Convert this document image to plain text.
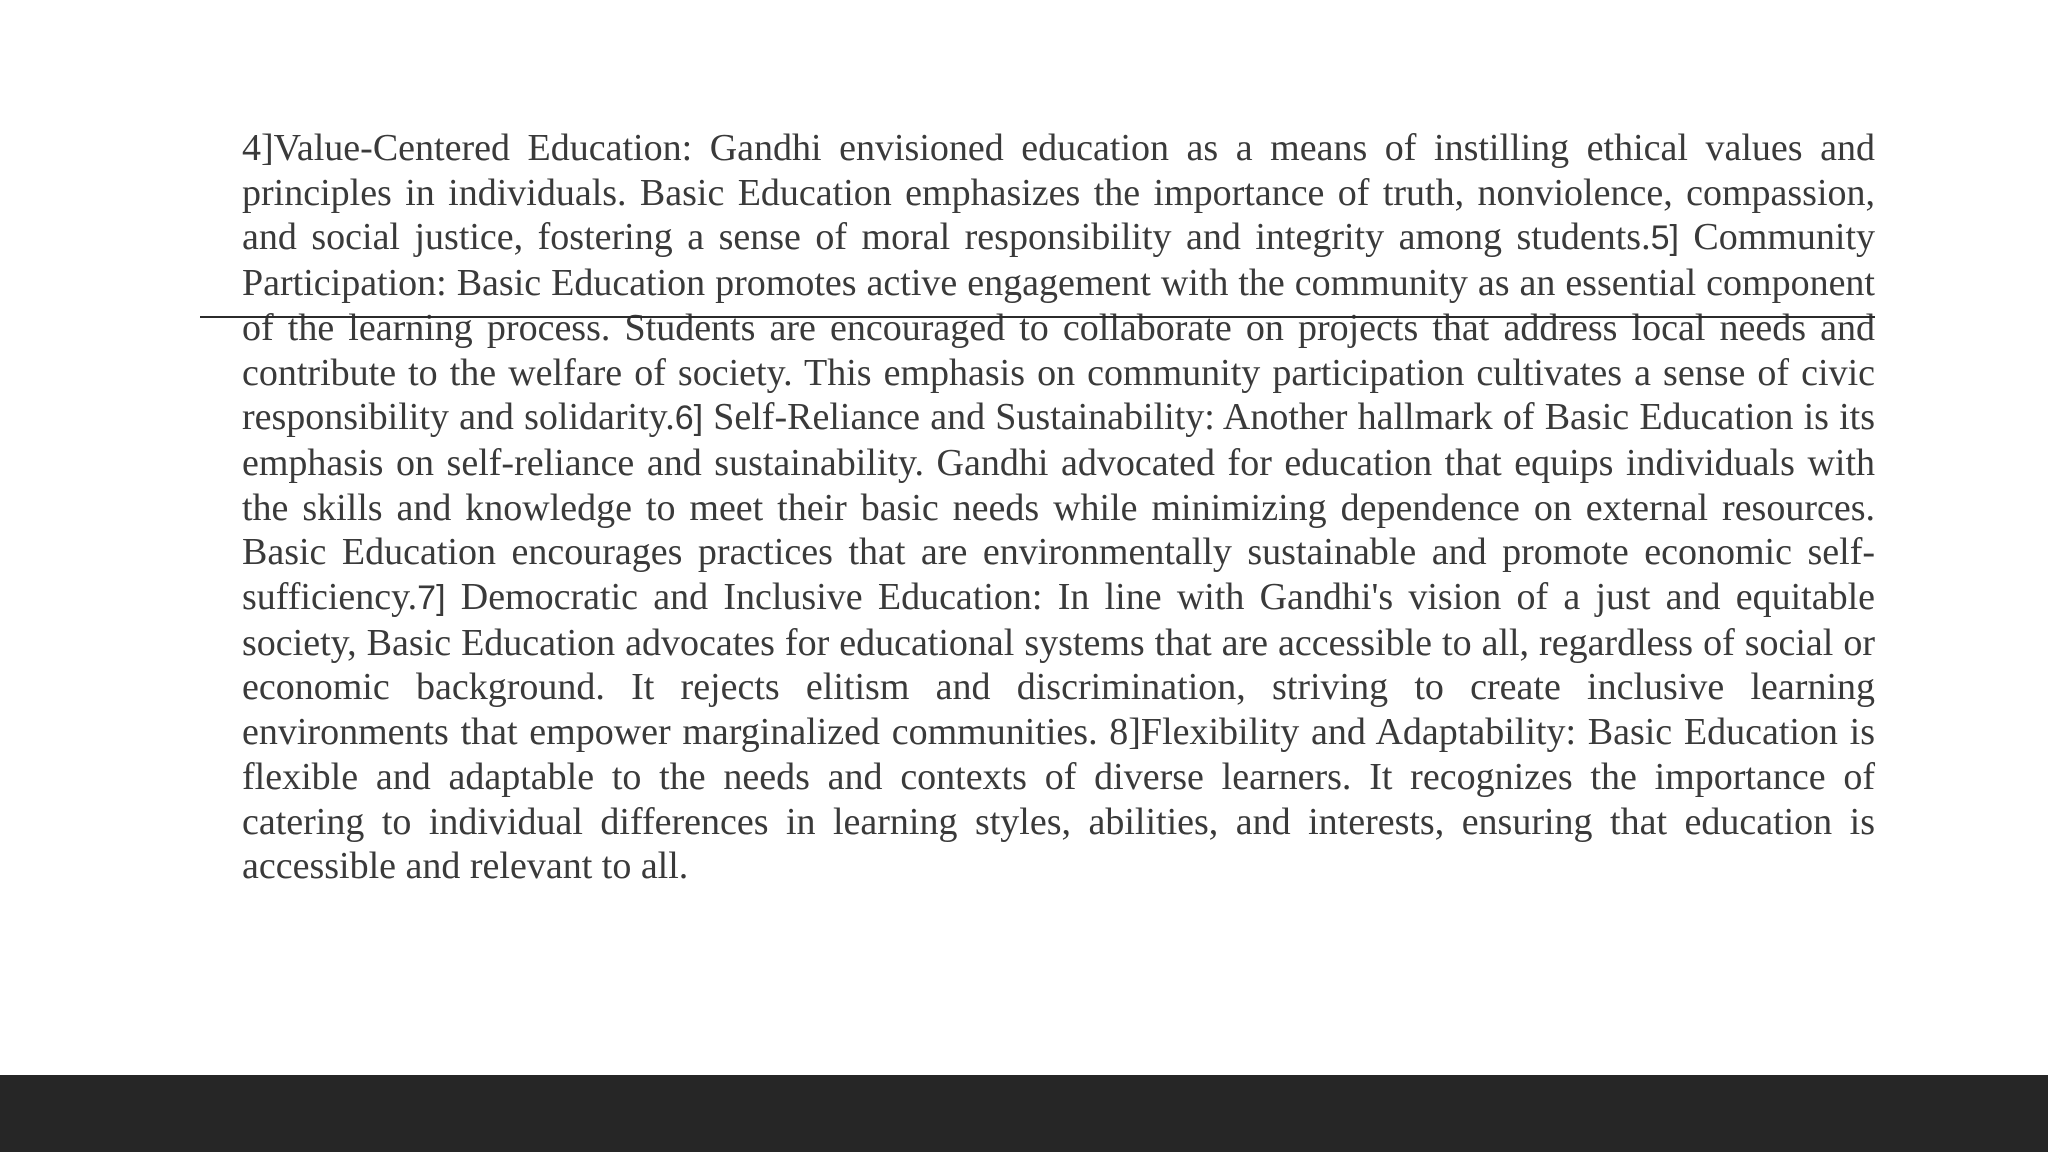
4]Value-Centered Education: Gandhi envisioned education as a means of instilling ethical values and principles in individuals. Basic Education emphasizes the importance of truth, nonviolence, compassion, and social justice, fostering a sense of moral responsibility and integrity among students.5] Community Participation: Basic Education promotes active engagement with the community as an essential component of the learning process. Students are encouraged to collaborate on projects that address local needs and contribute to the welfare of society. This emphasis on community participation cultivates a sense of civic responsibility and solidarity.6] Self-Reliance and Sustainability: Another hallmark of Basic Education is its emphasis on self-reliance and sustainability. Gandhi advocated for education that equips individuals with the skills and knowledge to meet their basic needs while minimizing dependence on external resources. Basic Education encourages practices that are environmentally sustainable and promote economic self-sufficiency.7] Democratic and Inclusive Education: In line with Gandhi's vision of a just and equitable society, Basic Education advocates for educational systems that are accessible to all, regardless of social or economic background. It rejects elitism and discrimination, striving to create inclusive learning environments that empower marginalized communities. 8]Flexibility and Adaptability: Basic Education is flexible and adaptable to the needs and contexts of diverse learners. It recognizes the importance of catering to individual differences in learning styles, abilities, and interests, ensuring that education is accessible and relevant to all.
